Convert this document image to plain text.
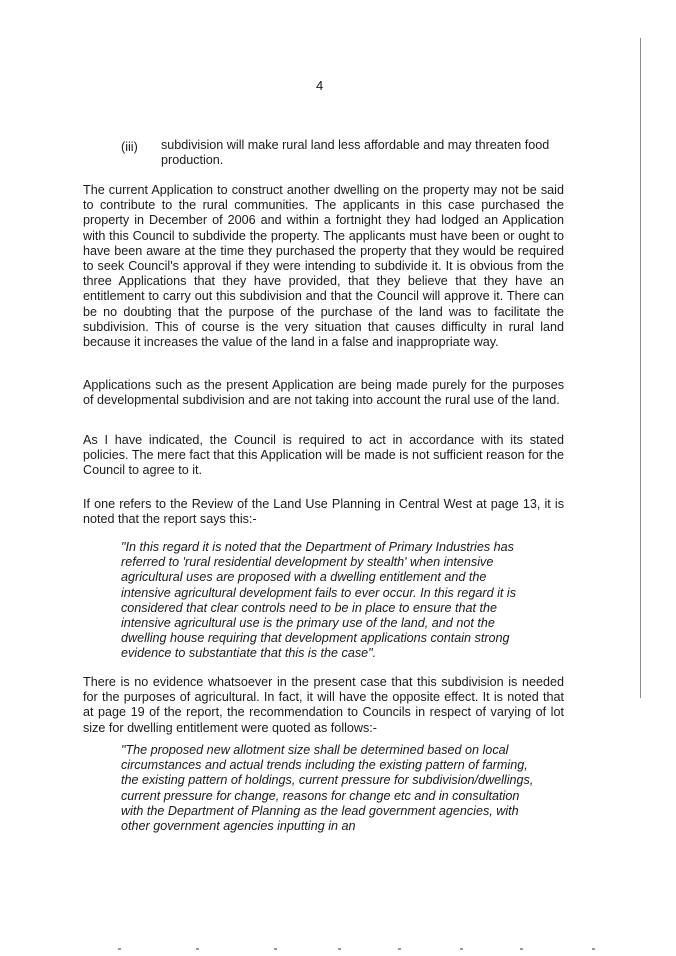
4
(iii) subdivision will make rural land less affordable and may threaten food production.
The current Application to construct another dwelling on the property may not be said to contribute to the rural communities. The applicants in this case purchased the property in December of 2006 and within a fortnight they had lodged an Application with this Council to subdivide the property. The applicants must have been or ought to have been aware at the time they purchased the property that they would be required to seek Council's approval if they were intending to subdivide it. It is obvious from the three Applications that they have provided, that they believe that they have an entitlement to carry out this subdivision and that the Council will approve it. There can be no doubting that the purpose of the purchase of the land was to facilitate the subdivision. This of course is the very situation that causes difficulty in rural land because it increases the value of the land in a false and inappropriate way.
Applications such as the present Application are being made purely for the purposes of developmental subdivision and are not taking into account the rural use of the land.
As I have indicated, the Council is required to act in accordance with its stated policies. The mere fact that this Application will be made is not sufficient reason for the Council to agree to it.
If one refers to the Review of the Land Use Planning in Central West at page 13, it is noted that the report says this:-
"In this regard it is noted that the Department of Primary Industries has referred to 'rural residential development by stealth' when intensive agricultural uses are proposed with a dwelling entitlement and the intensive agricultural development fails to ever occur. In this regard it is considered that clear controls need to be in place to ensure that the intensive agricultural use is the primary use of the land, and not the dwelling house requiring that development applications contain strong evidence to substantiate that this is the case".
There is no evidence whatsoever in the present case that this subdivision is needed for the purposes of agricultural. In fact, it will have the opposite effect. It is noted that at page 19 of the report, the recommendation to Councils in respect of varying of lot size for dwelling entitlement were quoted as follows:-
"The proposed new allotment size shall be determined based on local circumstances and actual trends including the existing pattern of farming, the existing pattern of holdings, current pressure for subdivision/dwellings, current pressure for change, reasons for change etc and in consultation with the Department of Planning as the lead government agencies, with other government agencies inputting in an
